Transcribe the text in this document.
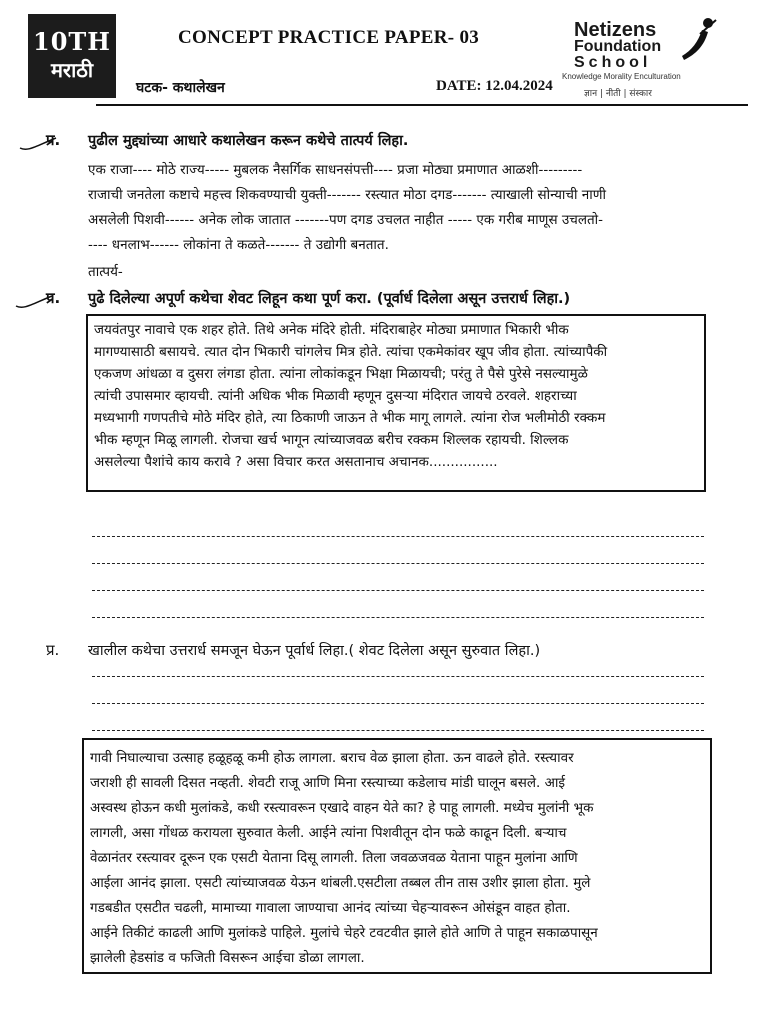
10TH
मराठी
CONCEPT PRACTICE PAPER- 03
घटक- कथालेखन	DATE: 12.04.2024
Netizens
Foundation
School
Knowledge Morality Enculturation
ज्ञान | नीती | संस्कार
प्र. पुढील मुद्द्यांच्या आधारे कथालेखन करून कथेचे तात्पर्य लिहा.
एक राजा---- मोठे राज्य----- मुबलक नैसर्गिक साधनसंपत्ती---- प्रजा मोठ्या प्रमाणात आळशी---------
राजाची जनतेला कष्टाचे महत्त्व शिकवण्याची युक्ती------- रस्त्यात मोठा दगड------- त्याखाली सोन्याची नाणी
असलेली पिशवी------ अनेक लोक जातात -------पण दगड उचलत नाहीत ----- एक गरीब माणूस उचलतो-
---- धनलाभ------ लोकांना ते कळते------- ते उद्योगी बनतात.
तात्पर्य-
प्र. पुढे दिलेल्या अपूर्ण कथेचा शेवट लिहून कथा पूर्ण करा. (पूर्वार्ध दिलेला असून उत्तरार्ध लिहा.)
जयवंतपुर नावाचे एक शहर होते. तिथे अनेक मंदिरे होती. मंदिराबाहेर मोठ्या प्रमाणात भिकारी भीक
मागण्यासाठी बसायचे. त्यात दोन भिकारी चांगलेच मित्र होते. त्यांचा एकमेकांवर खूप जीव होता. त्यांच्यापैकी
एकजण आंधळा व दुसरा लंगडा होता. त्यांना लोकांकडून भिक्षा मिळायची; परंतु ते पैसे पुरेसे नसल्यामुळे
त्यांची उपासमार व्हायची. त्यांनी अधिक भीक मिळावी म्हणून दुसऱ्या मंदिरात जायचे ठरवले. शहराच्या
मध्यभागी गणपतीचे मोठे मंदिर होते, त्या ठिकाणी जाऊन ते भीक मागू लागले. त्यांना रोज भलीमोठी रक्कम
भीक म्हणून मिळू लागली. रोजचा खर्च भागून त्यांच्याजवळ बरीच रक्कम शिल्लक रहायची. शिल्लक
असलेल्या पैशांचे काय करावे ? असा विचार करत असतानाच अचानक................
प्र. खालील कथेचा उत्तरार्ध समजून घेऊन पूर्वार्ध लिहा.( शेवट दिलेला असून सुरुवात लिहा.)
गावी निघाल्याचा उत्साह हळूहळू कमी होऊ लागला. बराच वेळ झाला होता. ऊन वाढले होते. रस्त्यावर
जराशी ही सावली दिसत नव्हती. शेवटी राजू आणि मिना रस्त्याच्या कडेलाच मांडी घालून बसले. आई
अस्वस्थ होऊन कधी मुलांकडे, कधी रस्त्यावरून एखादे वाहन येते का? हे पाहू लागली. मध्येच मुलांनी भूक
लागली, असा गोंधळ करायला सुरुवात केली. आईने त्यांना पिशवीतून दोन फळे काढून दिली. बऱ्याच
वेळानंतर रस्त्यावर दूरून एक एसटी येताना दिसू लागली. तिला जवळजवळ येताना पाहून मुलांना आणि
आईला आनंद झाला. एसटी त्यांच्याजवळ येऊन थांबली.एसटीला तब्बल तीन तास उशीर झाला होता. मुले
गडबडीत एसटीत चढली, मामाच्या गावाला जाण्याचा आनंद त्यांच्या चेहऱ्यावरून ओसंडून वाहत होता.
आईने तिकीटं काढली आणि मुलांकडे पाहिले. मुलांचे चेहरे टवटवीत झाले होते आणि ते पाहून सकाळपासून
झालेली हेडसांड व फजिती विसरून आईचा डोळा लागला.
